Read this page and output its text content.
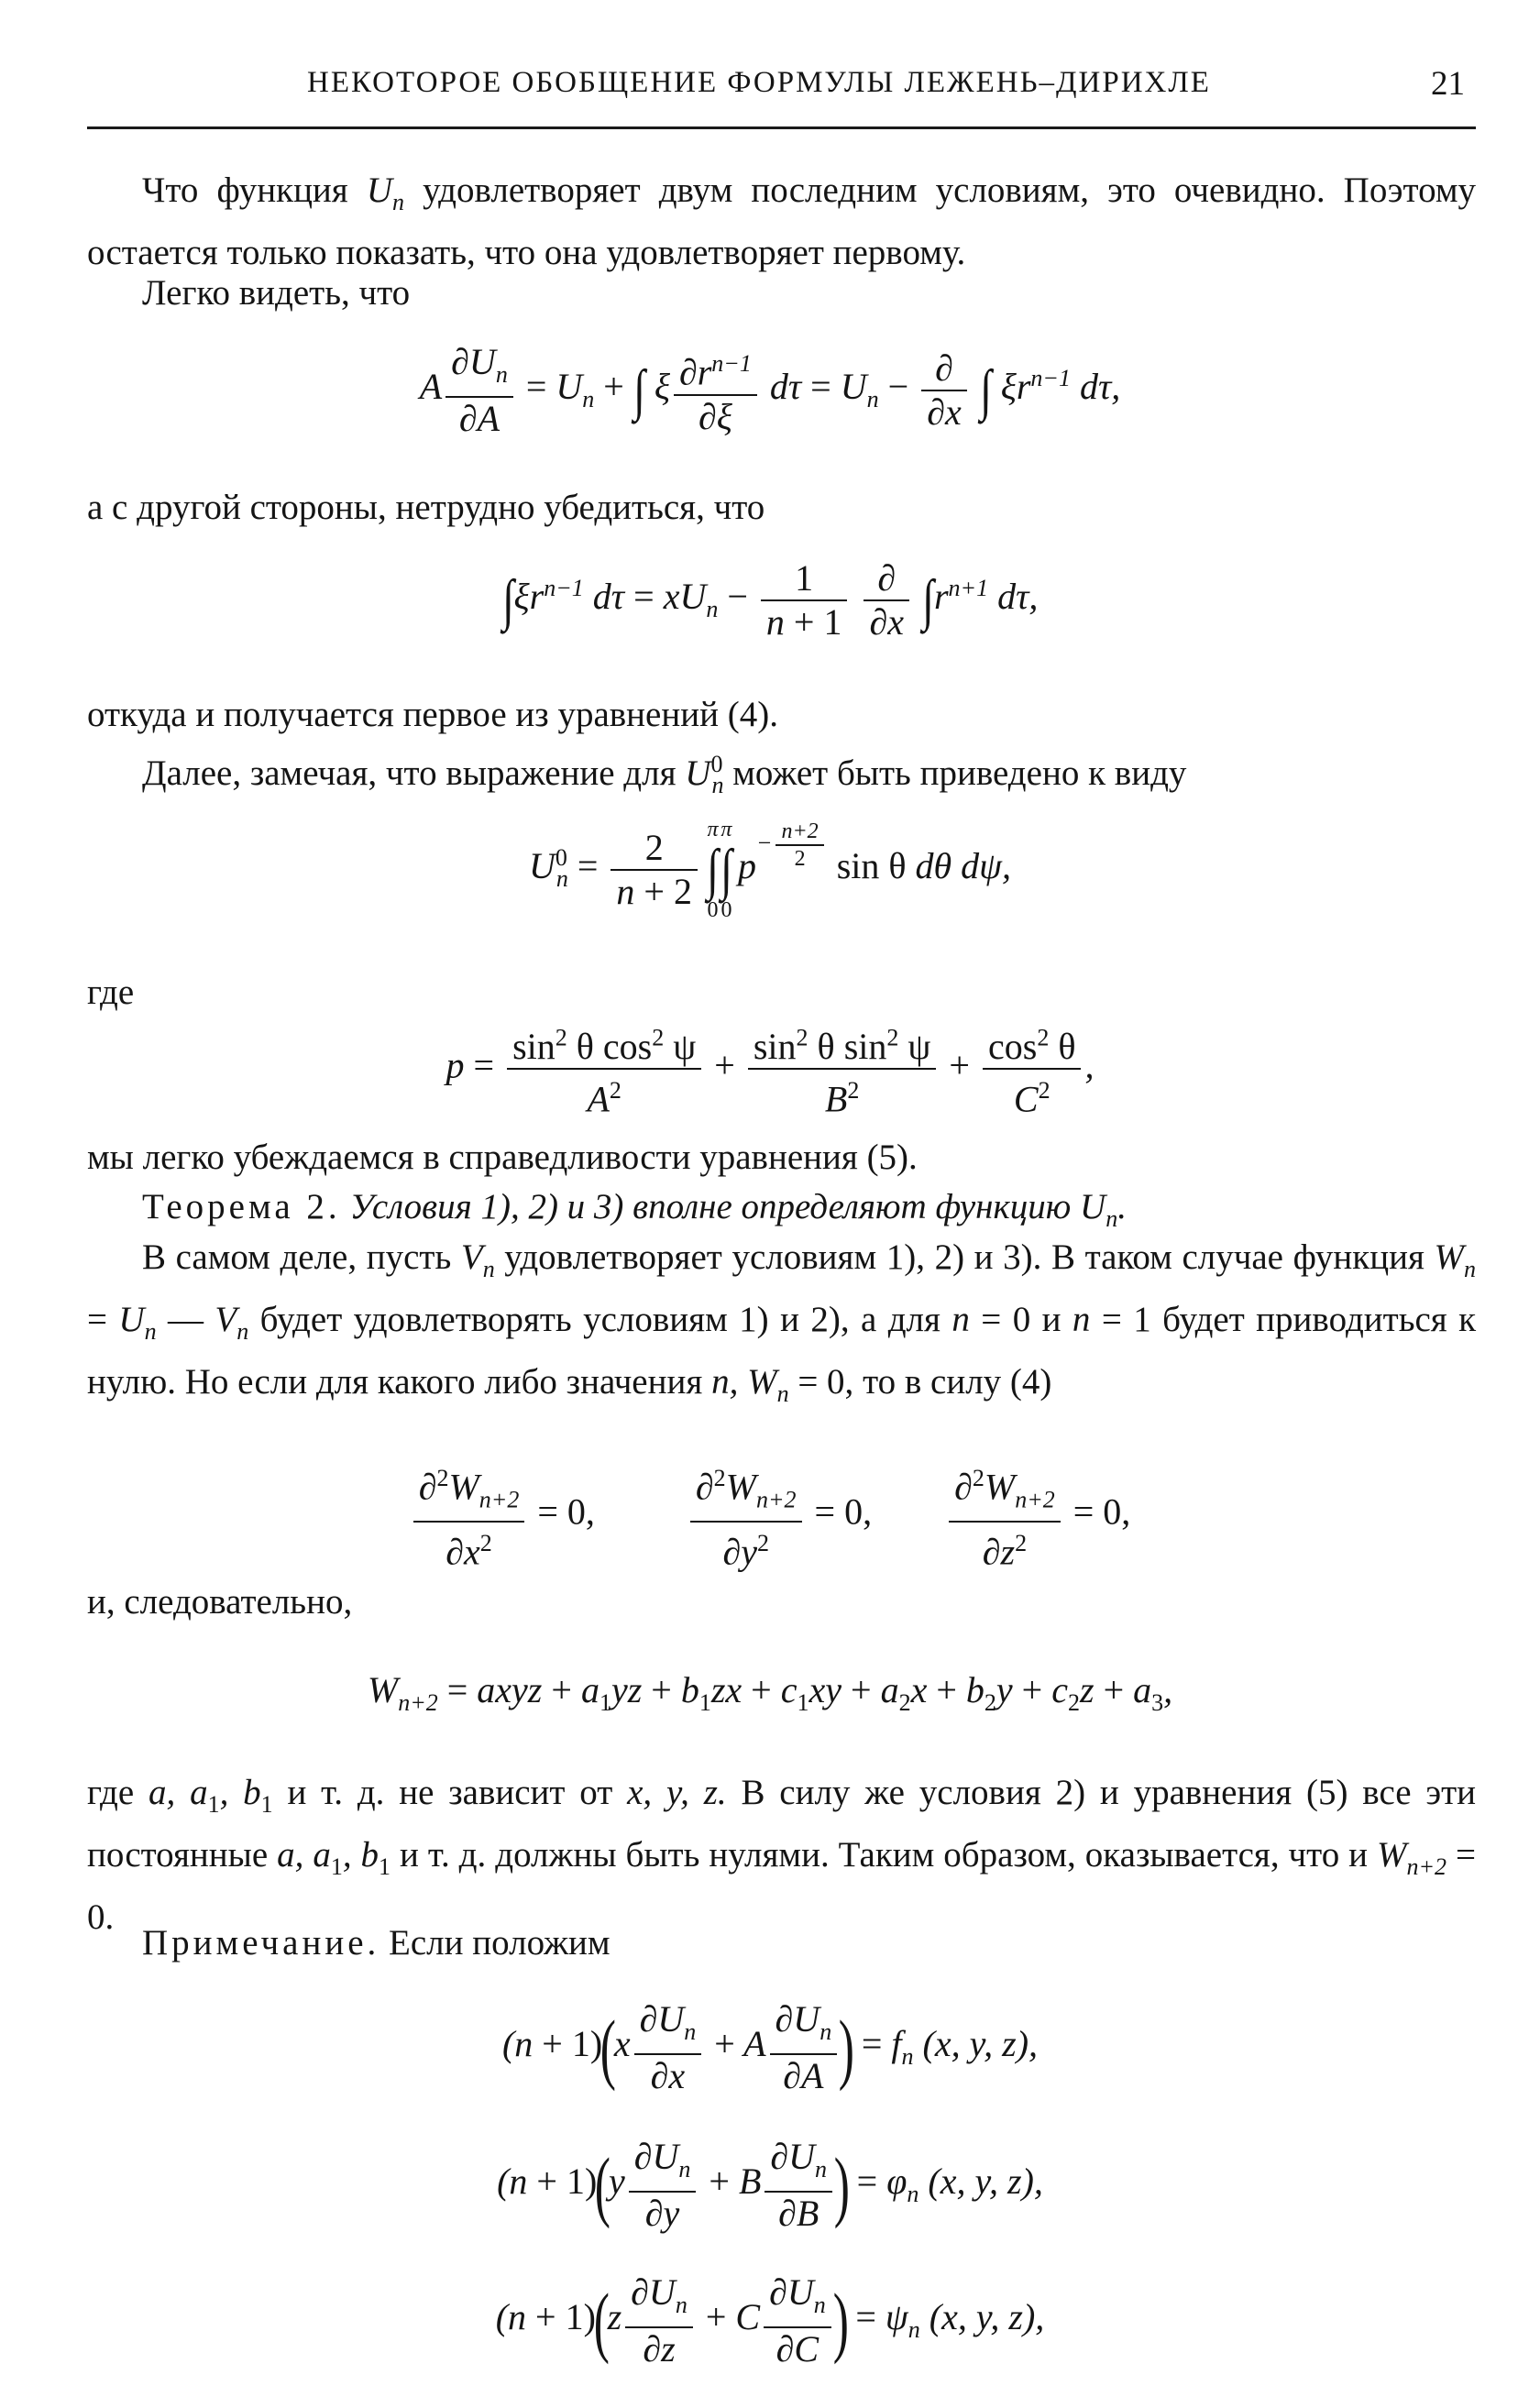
НЕКОТОРОЕ ОБОБЩЕНИЕ ФОРМУЛЫ ЛЕЖЕНЬ–ДИРИХЛЕ	21
Что функция $U_n$ удовлетворяет двум последним условиям, это очевидно. Поэтому остается только показать, что она удовлетворяет первому.
Легко видеть, что
A $\frac{\partial U_n}{\partial A} = U_n$ + ∫ ξ $\frac{\partial r^{n-1}}{\partial\xi}$ $d\tau = U_n - \frac{\partial}{\partial x}$ ∫ $\xi r^{n-1}$ dτ,
а с другой стороны, нетрудно убедиться, что
$\int\xi r^{n-1}$ $d\tau = xU_n - \frac{1}{n + 1}$
$\frac{\partial}{\partial x} \int r^{n+1}$ dτ,
откуда и получается первое из уравнений (4).
Далее, замечая, что выражение для $U^0_n$ может быть приведено к виду
$U^0_n = \frac{2}{n + 2}$ π
∫
0 π
∫
0 $p^{- \frac{n+2}{2}}$ sin θ dθ dψ,
где
$p = \frac{\sin^2 \theta \cos^2 \psi}{A^2} + \frac{\sin^2 \theta \sin^2 \psi}{B^2} + \frac{\cos^2 \theta}{C^2}$ ,
мы легко убеждаемся в справедливости уравнения (5).
Теорема 2. Условия 1), 2) и 3) вполне определяют функцию $U_n$.
В самом деле, пусть $V_n$ удовлетворяет условиям 1), 2) и 3). В таком случае функция $W_n = U_n$ — $V_n$ будет удовлетворять условиям 1) и 2), а для n = 0 и n = 1 будет приводиться к нулю. Но если для какого либо значения n, $W_n = 0$, то в силу (4)
$\frac{\partial^2W_{n+2}}{\partial x^2} = 0$,	$\frac{\partial^2W_{n+2}}{\partial y^2} = 0$, $\frac{\partial^2W_{n+2}}{\partial z^2} = 0$,
и, следовательно,
$W_{n+2}$ = axyz + $a_1yz + b_1zx + c_1xy + a_2x + b_2y + c_2z + a_3$,
где a, $a_1$, $b_1$ и т. д. не зависит от x, y, z. В силу же условия 2) и уравнения (5) все эти постоянные a, $a_1$, $b_1$ и т. д. должны быть нулями. Таким образом, оказывается, что и $W_{n+2} = 0$.
Примечание. Если положим
$(n + 1)(x \frac{\partial U_n}{\partial x} + A \frac{\partial U_n}{\partial A}$ ) = $f_n$ (x, y, z),
$(n + 1)(y \frac{\partial U_n}{\partial y} + B \frac{\partial U_n}{\partial B}$ ) = $\varphi_n$ (x, y, z),
$(n + 1)(z \frac{\partial U_n}{\partial z} + C \frac{\partial U_n}{\partial C}$ ) = $\psi_n$ (x, y, z),
